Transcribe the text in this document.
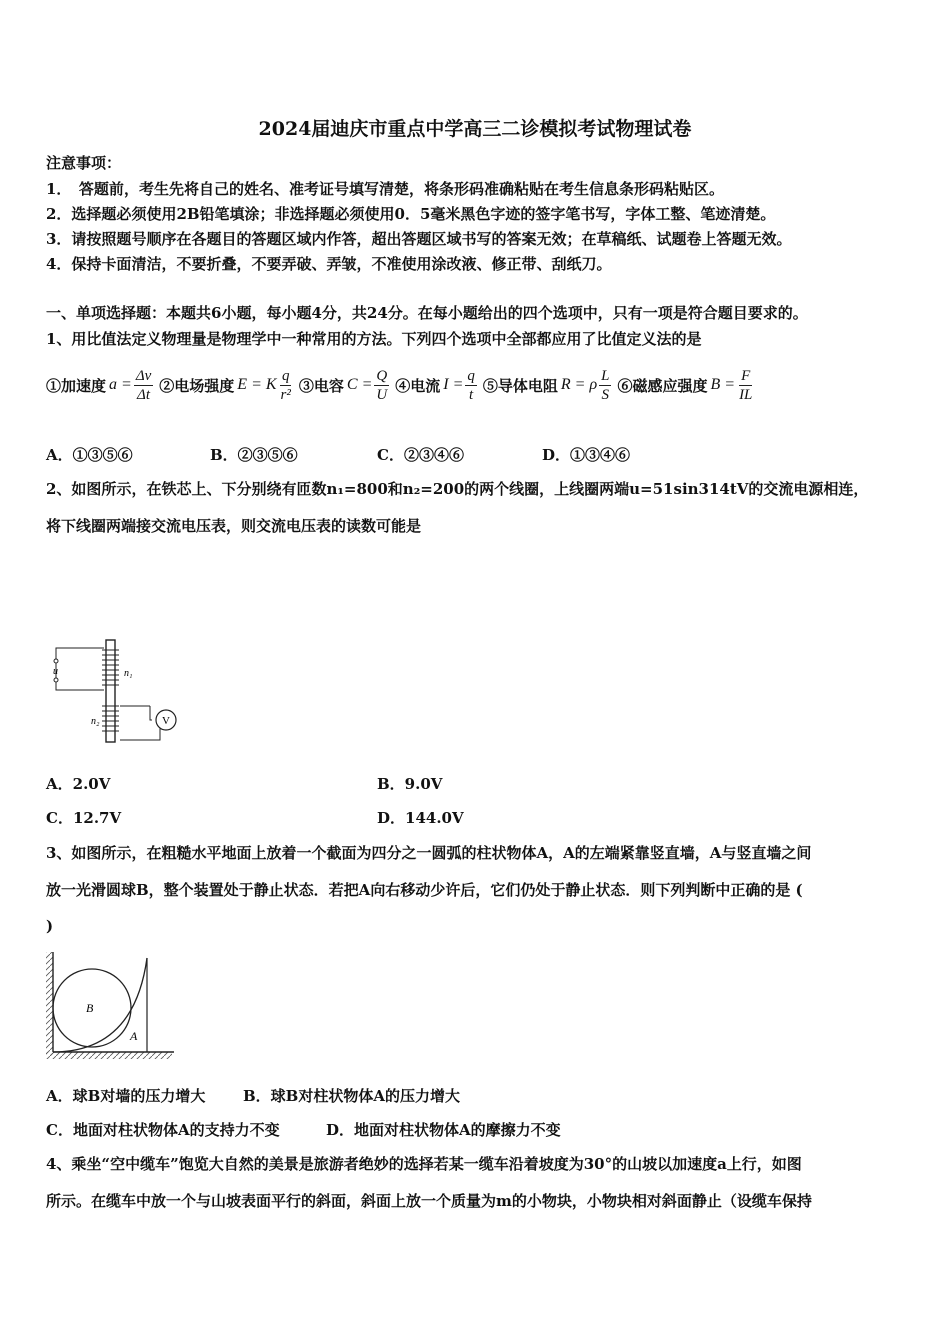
2024届迪庆市重点中学高三二诊模拟考试物理试卷
注意事项：
1．　答题前，考生先将自己的姓名、准考证号填写清楚，将条形码准确粘贴在考生信息条形码粘贴区。
2．选择题必须使用2B铅笔填涂；非选择题必须使用0．5毫米黑色字迹的签字笔书写，字体工整、笔迹清楚。
3．请按照题号顺序在各题目的答题区域内作答，超出答题区域书写的答案无效；在草稿纸、试题卷上答题无效。
4．保持卡面清洁，不要折叠，不要弄破、弄皱，不准使用涂改液、修正带、刮纸刀。
一、单项选择题：本题共6小题，每小题4分，共24分。在每小题给出的四个选项中，只有一项是符合题目要求的。
1、用比值法定义物理量是物理学中一种常用的方法。下列四个选项中全部都应用了比值定义法的是
①加速度 $a = \frac{\Delta v}{\Delta t}$ ②电场强度 E = K $\frac{q}{\text{r²}}$ ③电容 $C = \frac{Q}{U}$ ④电流 $I = \frac{q}{t}$ ⑤导体电阻 R = ρ $\frac{L}{S}$ ⑥磁感应强度 $B = \frac{F}{IL}$
A．①③⑤⑥	B．②③⑤⑥	C．②③④⑥	D．①③④⑥
2、如图所示，在铁芯上、下分别绕有匝数n₁=800和n₂=200的两个线圈，上线圈两端u=51sin314tV的交流电源相连，
将下线圈两端接交流电压表，则交流电压表的读数可能是
u	n₁
n₂	V
A．2.0V	B．9.0V
C．12.7V	D．144.0V
3、如图所示，在粗糙水平地面上放着一个截面为四分之一圆弧的柱状物体A，A的左端紧靠竖直墙，A与竖直墙之间
放一光滑圆球B，整个装置处于静止状态．若把A向右移动少许后，它们仍处于静止状态．则下列判断中正确的是 (
)
B
A
A．球B对墙的压力增大	B．球B对柱状物体A的压力增大
C．地面对柱状物体A的支持力不变	D．地面对柱状物体A的摩擦力不变
4、乘坐“空中缆车”饱览大自然的美景是旅游者绝妙的选择若某一缆车沿着坡度为30°的山坡以加速度a上行，如图
所示。在缆车中放一个与山坡表面平行的斜面，斜面上放一个质量为m的小物块，小物块相对斜面静止（设缆车保持
